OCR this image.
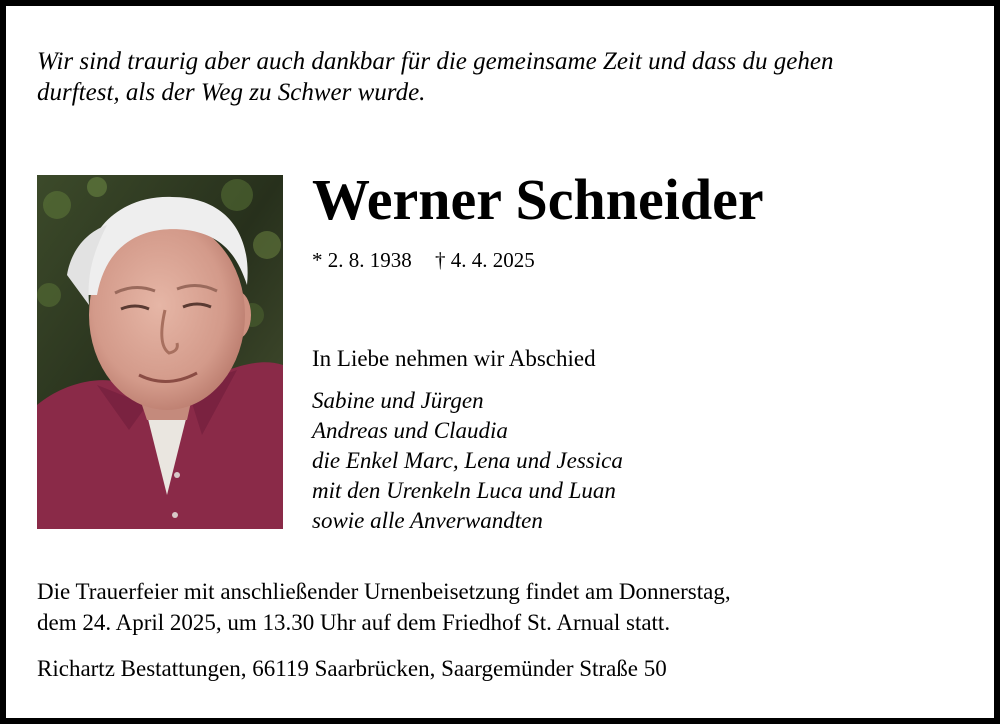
Wir sind traurig aber auch dankbar für die gemeinsame Zeit und dass du gehen
durftest, als der Weg zu Schwer wurde.
Werner Schneider
* 2. 8. 1938 † 4. 4. 2025
In Liebe nehmen wir Abschied
Sabine und Jürgen
Andreas und Claudia
die Enkel Marc, Lena und Jessica
mit den Urenkeln Luca und Luan
sowie alle Anverwandten
Die Trauerfeier mit anschließender Urnenbeisetzung findet am Donnerstag,
dem 24. April 2025, um 13.30 Uhr auf dem Friedhof St. Arnual statt.
Richartz Bestattungen, 66119 Saarbrücken, Saargemünder Straße 50
